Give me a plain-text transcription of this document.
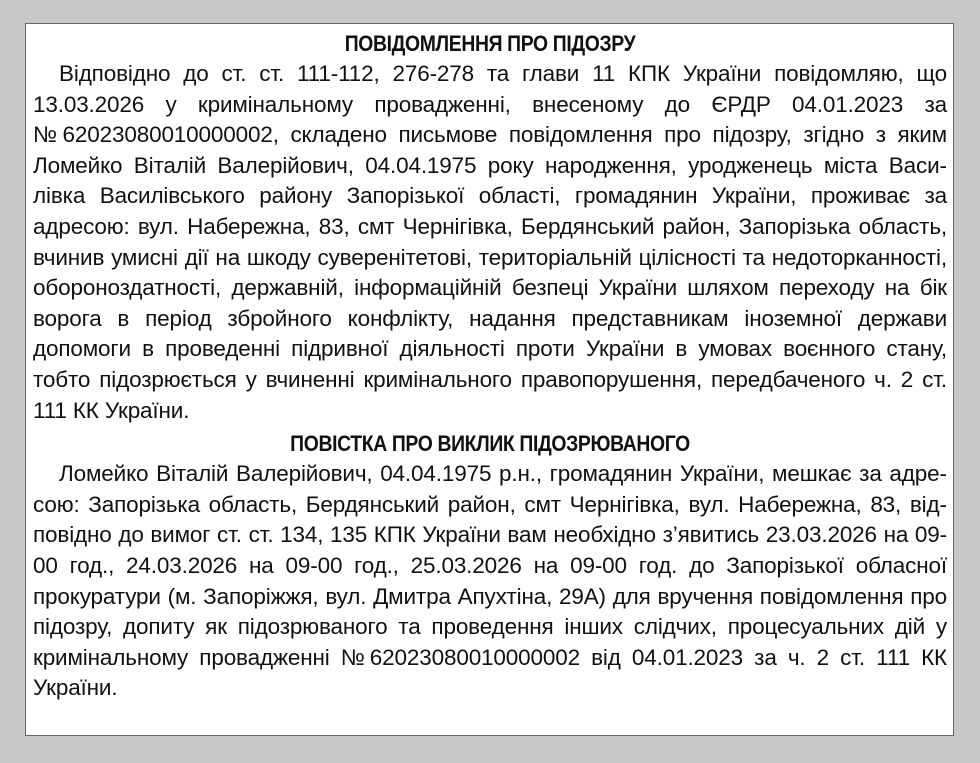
ПОВІДОМЛЕННЯ ПРО ПІДОЗРУ

Відповідно до ст. ст. 111-112, 276-278 та глави 11 КПК України повідомляю, що 13.03.2026 у кримінальному провадженні, внесеному до ЄРДР 04.01.2023 за №62023080010000002, складено письмове повідомлення про підозру, згідно з яким Ломейко Віталій Валерійович, 04.04.1975 року народження, уродженець міста Василівка Василівського району Запорізької області, громадянин України, проживає за адресою: вул. Набережна, 83, смт Чернігівка, Бердянський район, Запорізька область, вчинив умисні дії на шкоду суверенітетові, територіальній цілісності та недоторканності, обороноздатності, державній, інформаційній безпеці України шляхом переходу на бік ворога в період збройного конфлікту, надання представникам іноземної держави допомоги в проведенні підривної діяльності проти України в умовах воєнного стану, тобто підозрюється у вчиненні кримінального правопорушення, передбаченого ч. 2 ст. 111 КК України.

ПОВІСТКА ПРО ВИКЛИК ПІДОЗРЮВАНОГО

Ломейко Віталій Валерійович, 04.04.1975 р.н., громадянин України, мешкає за адресою: Запорізька область, Бердянський район, смт Чернігівка, вул. Набережна, 83, відповідно до вимог ст. ст. 134, 135 КПК України вам необхідно з’явитись 23.03.2026 на 09-00 год., 24.03.2026 на 09-00 год., 25.03.2026 на 09-00 год. до Запорізької обласної прокуратури (м. Запоріжжя, вул. Дмитра Апухтіна, 29А) для вручення повідомлення про підозру, допиту як підозрюваного та проведення інших слідчих, процесуальних дій у кримінальному провадженні №62023080010000002 від 04.01.2023 за ч. 2 ст. 111 КК України.
